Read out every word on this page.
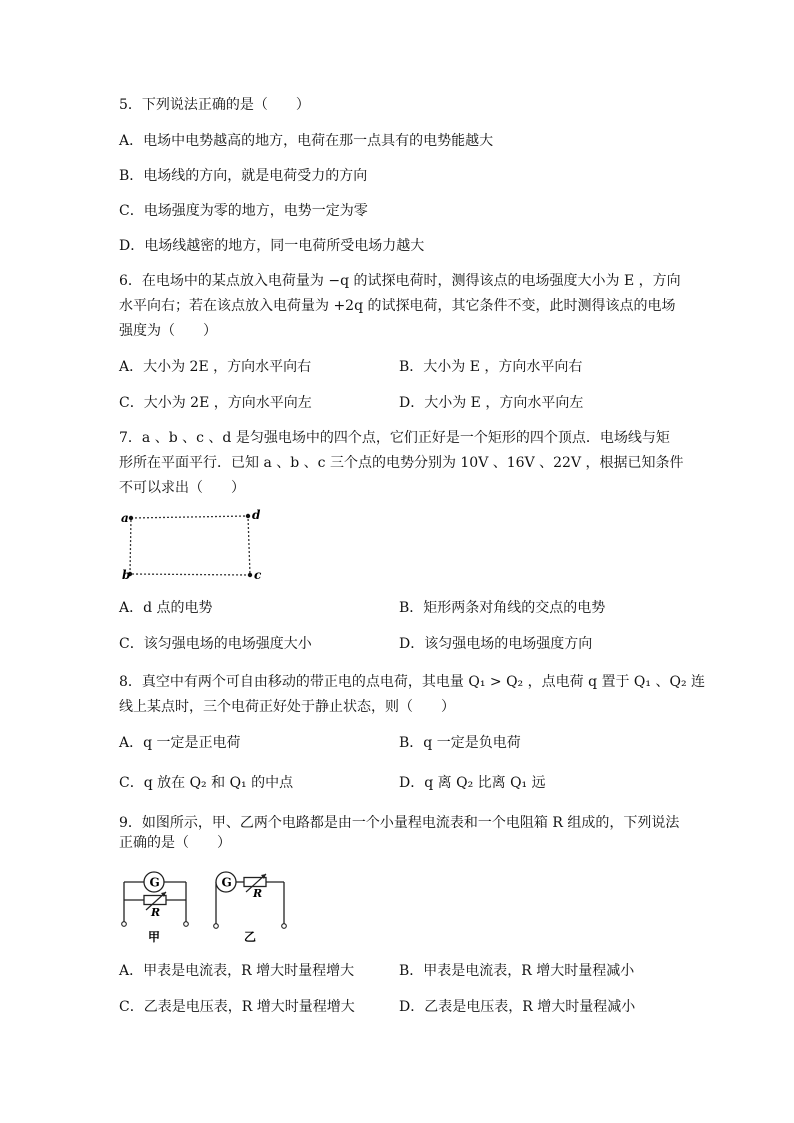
5．下列说法正确的是（　　）
A．电场中电势越高的地方，电荷在那一点具有的电势能越大
B．电场线的方向，就是电荷受力的方向
C．电场强度为零的地方，电势一定为零
D．电场线越密的地方，同一电荷所受电场力越大
6．在电场中的某点放入电荷量为 −q 的试探电荷时，测得该点的电场强度大小为 E ，方向
水平向右；若在该点放入电荷量为 +2q 的试探电荷，其它条件不变，此时测得该点的电场
强度为（　　）
A．大小为 2E ，方向水平向右	B．大小为 E ，方向水平向右
C．大小为 2E ，方向水平向左	D．大小为 E ，方向水平向左
7．a 、b 、c 、d 是匀强电场中的四个点，它们正好是一个矩形的四个顶点．电场线与矩
形所在平面平行．已知 a 、b 、c 三个点的电势分别为 10V 、16V 、22V ，根据已知条件
不可以求出（　　）
a	d
b	c
A．d 点的电势	B．矩形两条对角线的交点的电势
C．该匀强电场的电场强度大小	D．该匀强电场的电场强度方向
8．真空中有两个可自由移动的带正电的点电荷，其电量 Q₁ > Q₂ ，点电荷 q 置于 Q₁ 、Q₂ 连
线上某点时，三个电荷正好处于静止状态，则（　　）
A．q 一定是正电荷	B．q 一定是负电荷
C．q 放在 Q₂ 和 Q₁ 的中点	D．q 离 Q₂ 比离 Q₁ 远
9．如图所示，甲、乙两个电路都是由一个小量程电流表和一个电阻箱 R 组成的，下列说法
正确的是（　　）
G
R
甲
G
R
乙
A．甲表是电流表，R 增大时量程增大	B．甲表是电流表，R 增大时量程减小
C．乙表是电压表，R 增大时量程增大	D．乙表是电压表，R 增大时量程减小
